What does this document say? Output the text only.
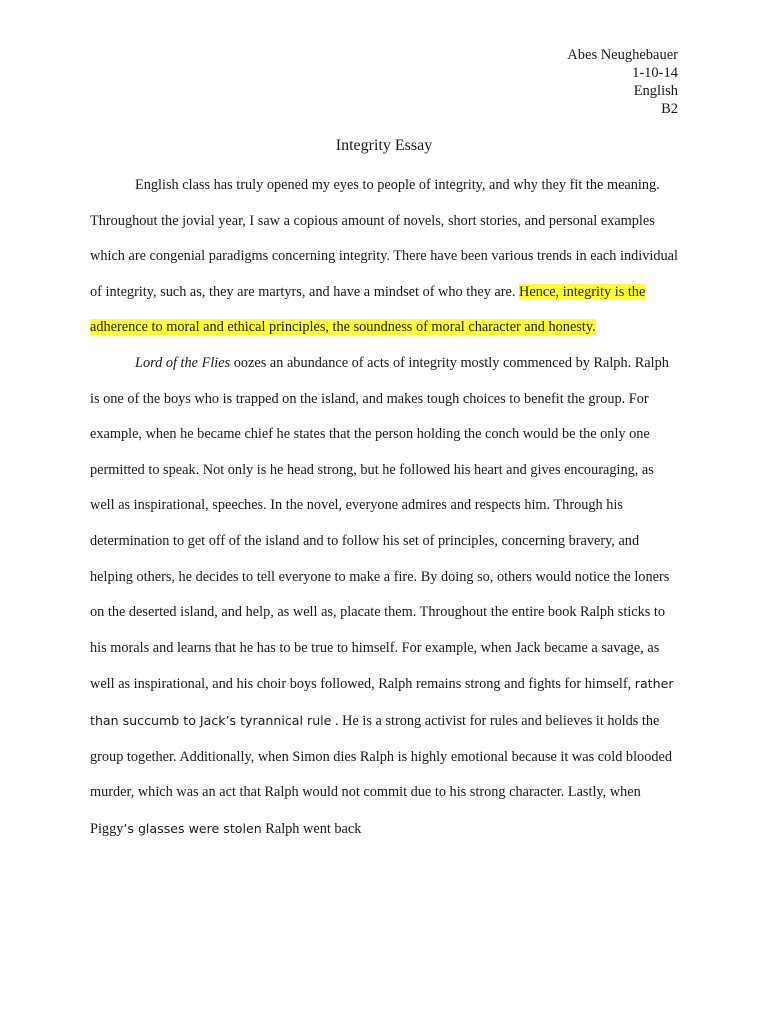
Abes Neughebauer
1-10-14
English
B2
Integrity Essay

English class has truly opened my eyes to people of integrity, and why they fit the meaning. Throughout the jovial year, I saw a copious amount of novels, short stories, and personal examples which are congenial paradigms concerning integrity. There have been various trends in each individual of integrity, such as, they are martyrs, and have a mindset of who they are. Hence, integrity is the adherence to moral and ethical principles, the soundness of moral character and honesty.

Lord of the Flies oozes an abundance of acts of integrity mostly commenced by Ralph. Ralph is one of the boys who is trapped on the island, and makes tough choices to benefit the group. For example, when he became chief he states that the person holding the conch would be the only one permitted to speak. Not only is he head strong, but he followed his heart and gives encouraging, as well as inspirational, speeches. In the novel, everyone admires and respects him. Through his determination to get off of the island and to follow his set of principles, concerning bravery, and helping others, he decides to tell everyone to make a fire. By doing so, others would notice the loners on the deserted island, and help, as well as, placate them. Throughout the entire book Ralph sticks to his morals and learns that he has to be true to himself. For example, when Jack became a savage, as well as inspirational, and his choir boys followed, Ralph remains strong and fights for himself, rather than succumb to Jack’s tyrannical rule . He is a strong activist for rules and believes it holds the group together. Additionally, when Simon dies Ralph is highly emotional because it was cold blooded murder, which was an act that Ralph would not commit due to his strong character. Lastly, when Piggy’s glasses were stolen Ralph went back
